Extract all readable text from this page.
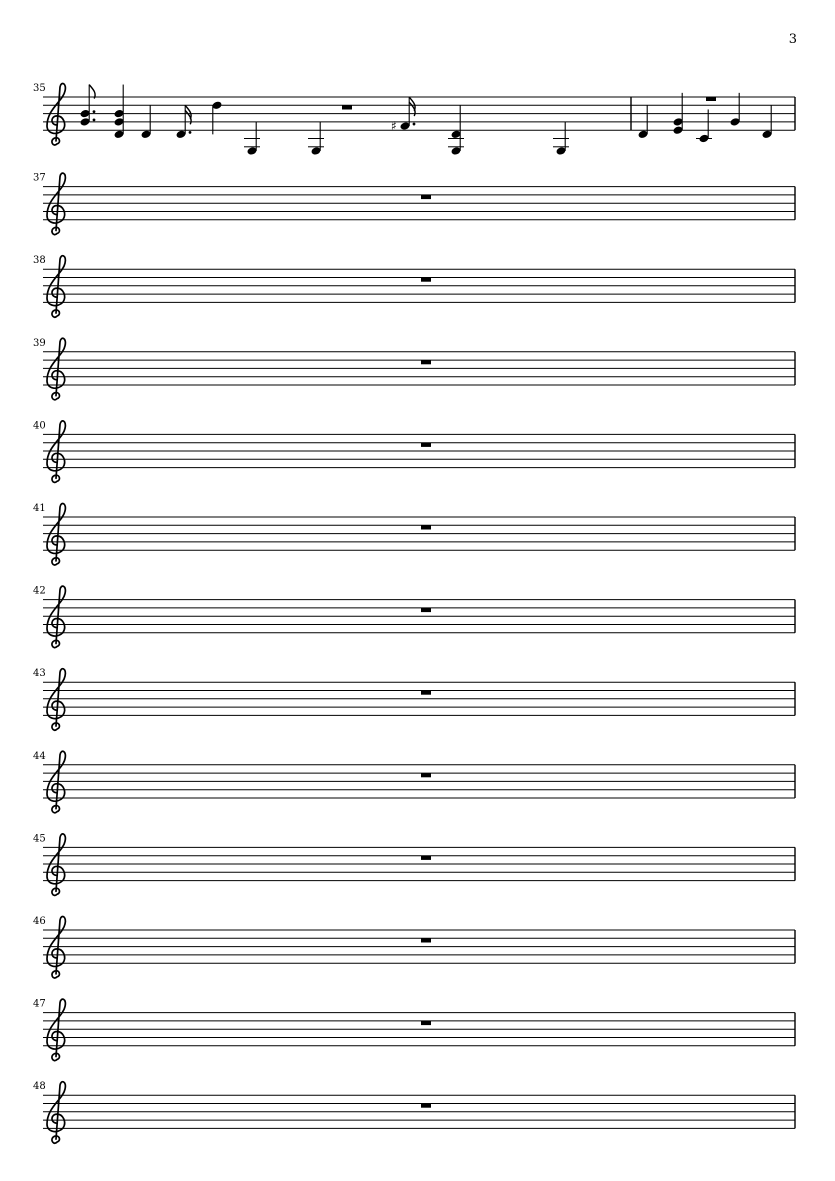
3
35
♯
37
38
39
40
41
42
43
44
45
46
47
48
